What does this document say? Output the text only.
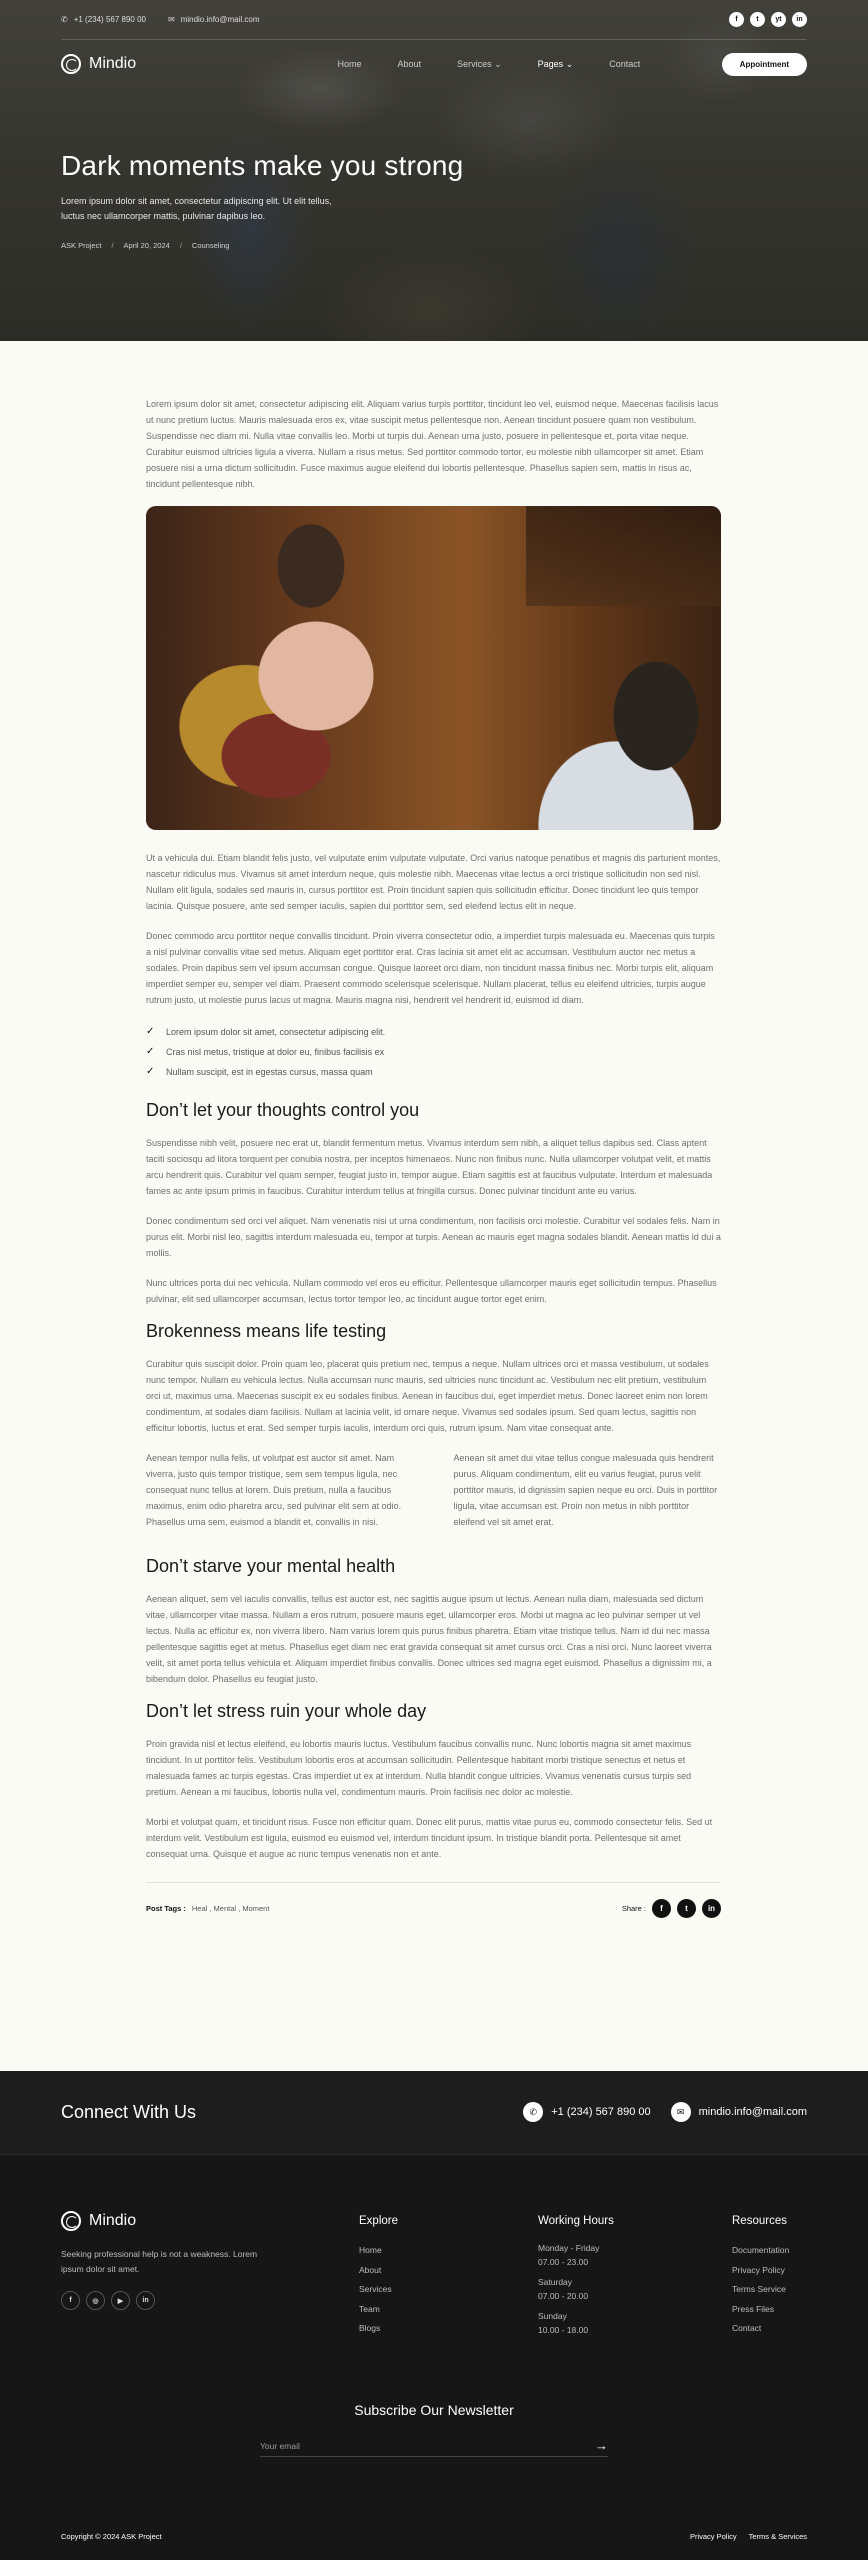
✆ +1 (234) 567 890 00	✉ mindio.info@mail.com	f	t	yt	in
Mindio	Home	About	Services ⌄	Pages ⌄	Contact	Appointment
Dark moments make you strong

Lorem ipsum dolor sit amet, consectetur adipiscing elit. Ut elit tellus, luctus nec ullamcorper mattis, pulvinar dapibus leo.

ASK Project / April 20, 2024 / Counseling

Lorem ipsum dolor sit amet, consectetur adipiscing elit. Aliquam varius turpis porttitor, tincidunt leo vel, euismod neque. Maecenas facilisis lacus ut nunc pretium luctus. Mauris malesuada eros ex, vitae suscipit metus pellentesque non. Aenean tincidunt posuere quam non vestibulum. Suspendisse nec diam mi. Nulla vitae convallis leo. Morbi ut turpis dui. Aenean urna justo, posuere in pellentesque et, porta vitae neque. Curabitur euismod ultricies ligula a viverra. Nullam a risus metus. Sed porttitor commodo tortor, eu molestie nibh ullamcorper sit amet. Etiam posuere nisi a urna dictum sollicitudin. Fusce maximus augue eleifend dui lobortis pellentesque. Phasellus sapien sem, mattis in risus ac, tincidunt pellentesque nibh.

Ut a vehicula dui. Etiam blandit felis justo, vel vulputate enim vulputate vulputate. Orci varius natoque penatibus et magnis dis parturient montes, nascetur ridiculus mus. Vivamus sit amet interdum neque, quis molestie nibh. Maecenas vitae lectus a orci tristique sollicitudin non sed nisl. Nullam elit ligula, sodales sed mauris in, cursus porttitor est. Proin tincidunt sapien quis sollicitudin efficitur. Donec tincidunt leo quis tempor lacinia. Quisque posuere, ante sed semper iaculis, sapien dui porttitor sem, sed eleifend lectus elit in neque.

Donec commodo arcu porttitor neque convallis tincidunt. Proin viverra consectetur odio, a imperdiet turpis malesuada eu. Maecenas quis turpis a nisl pulvinar convallis vitae sed metus. Aliquam eget porttitor erat. Cras lacinia sit amet elit ac accumsan. Vestibulum auctor nec metus a sodales. Proin dapibus sem vel ipsum accumsan congue. Quisque laoreet orci diam, non tincidunt massa finibus nec. Morbi turpis elit, aliquam imperdiet semper eu, semper vel diam. Praesent commodo scelerisque scelerisque. Nullam placerat, tellus eu eleifend ultricies, turpis augue rutrum justo, ut molestie purus lacus ut magna. Mauris magna nisi, hendrerit vel hendrerit id, euismod id diam.

✓ Lorem ipsum dolor sit amet, consectetur adipiscing elit.
✓ Cras nisl metus, tristique at dolor eu, finibus facilisis ex
✓ Nullam suscipit, est in egestas cursus, massa quam
Don’t let your thoughts control you

Suspendisse nibh velit, posuere nec erat ut, blandit fermentum metus. Vivamus interdum sem nibh, a aliquet tellus dapibus sed. Class aptent taciti sociosqu ad litora torquent per conubia nostra, per inceptos himenaeos. Nunc non finibus nunc. Nulla ullamcorper volutpat velit, et mattis arcu hendrerit quis. Curabitur vel quam semper, feugiat justo in, tempor augue. Etiam sagittis est at faucibus vulputate. Interdum et malesuada fames ac ante ipsum primis in faucibus. Curabitur interdum tellus at fringilla cursus. Donec pulvinar tincidunt ante eu varius.

Donec condimentum sed orci vel aliquet. Nam venenatis nisi ut urna condimentum, non facilisis orci molestie. Curabitur vel sodales felis. Nam in purus elit. Morbi nisl leo, sagittis interdum malesuada eu, tempor at turpis. Aenean ac mauris eget magna sodales blandit. Aenean mattis id dui a mollis.

Nunc ultrices porta dui nec vehicula. Nullam commodo vel eros eu efficitur. Pellentesque ullamcorper mauris eget sollicitudin tempus. Phasellus pulvinar, elit sed ullamcorper accumsan, lectus tortor tempor leo, ac tincidunt augue tortor eget enim.

Brokenness means life testing

Curabitur quis suscipit dolor. Proin quam leo, placerat quis pretium nec, tempus a neque. Nullam ultrices orci et massa vestibulum, ut sodales nunc tempor. Nullam eu vehicula lectus. Nulla accumsan nunc mauris, sed ultricies nunc tincidunt ac. Vestibulum nec elit pretium, vestibulum orci ut, maximus urna. Maecenas suscipit ex eu sodales finibus. Aenean in faucibus dui, eget imperdiet metus. Donec laoreet enim non lorem condimentum, at sodales diam facilisis. Nullam at lacinia velit, id ornare neque. Vivamus sed sodales ipsum. Sed quam lectus, sagittis non efficitur lobortis, luctus et erat. Sed semper turpis iaculis, interdum orci quis, rutrum ipsum. Nam vitae consequat ante.

Aenean tempor nulla felis, ut volutpat est auctor sit amet. Nam viverra, justo quis tempor tristique, sem sem tempus ligula, nec consequat nunc tellus at lorem. Duis pretium, nulla a faucibus maximus, enim odio pharetra arcu, sed pulvinar elit sem at odio. Phasellus urna sem, euismod a blandit et, convallis in nisi.

Aenean sit amet dui vitae tellus congue malesuada quis hendrerit purus. Aliquam condimentum, elit eu varius feugiat, purus velit porttitor mauris, id dignissim sapien neque eu orci. Duis in porttitor ligula, vitae accumsan est. Proin non metus in nibh porttitor eleifend vel sit amet erat.

Don’t starve your mental health

Aenean aliquet, sem vel iaculis convallis, tellus est auctor est, nec sagittis augue ipsum ut lectus. Aenean nulla diam, malesuada sed dictum vitae, ullamcorper vitae massa. Nullam a eros rutrum, posuere mauris eget, ullamcorper eros. Morbi ut magna ac leo pulvinar semper ut vel lectus. Nulla ac efficitur ex, non viverra libero. Nam varius lorem quis purus finibus pharetra. Etiam vitae tristique tellus. Nam id dui nec massa pellentesque sagittis eget at metus. Phasellus eget diam nec erat gravida consequat sit amet cursus orci. Cras a nisi orci. Nunc laoreet viverra velit, sit amet porta tellus vehicula et. Aliquam imperdiet finibus convallis. Donec ultrices sed magna eget euismod. Phasellus a dignissim mi, a bibendum dolor. Phasellus eu feugiat justo.

Don’t let stress ruin your whole day

Proin gravida nisl et lectus eleifend, eu lobortis mauris luctus. Vestibulum faucibus convallis nunc. Nunc lobortis magna sit amet maximus tincidunt. In ut porttitor felis. Vestibulum lobortis eros at accumsan sollicitudin. Pellentesque habitant morbi tristique senectus et netus et malesuada fames ac turpis egestas. Cras imperdiet ut ex at interdum. Nulla blandit congue ultricies. Vivamus venenatis cursus turpis sed pretium. Aenean a mi faucibus, lobortis nulla vel, condimentum mauris. Proin facilisis nec dolor ac molestie.

Morbi et volutpat quam, et tincidunt risus. Fusce non efficitur quam. Donec elit purus, mattis vitae purus eu, commodo consectetur felis. Sed ut interdum velit. Vestibulum est ligula, euismod eu euismod vel, interdum tincidunt ipsum. In tristique blandit porta. Pellentesque sit amet consequat urna. Quisque et augue ac nunc tempus venenatis non et ante.

Post Tags : Heal , Mental , Moment	Share :	f	t	in
Connect With Us	✆	+1 (234) 567 890 00	✉	mindio.info@mail.com
Mindio

Seeking professional help is not a weakness. Lorem ipsum dolor sit amet.

f	◎	▶	in
Explore
Home
About
Services
Team
Blogs
Working Hours
Monday - Friday
07.00 - 23.00
Saturday
07.00 - 20.00
Sunday
10.00 - 18.00
Resources
Documentation
Privacy Policy
Terms Service
Press Files
Contact
Subscribe Our Newsletter
Your email
→
Copyright © 2024 ASK Project	Privacy Policy Terms & Services
